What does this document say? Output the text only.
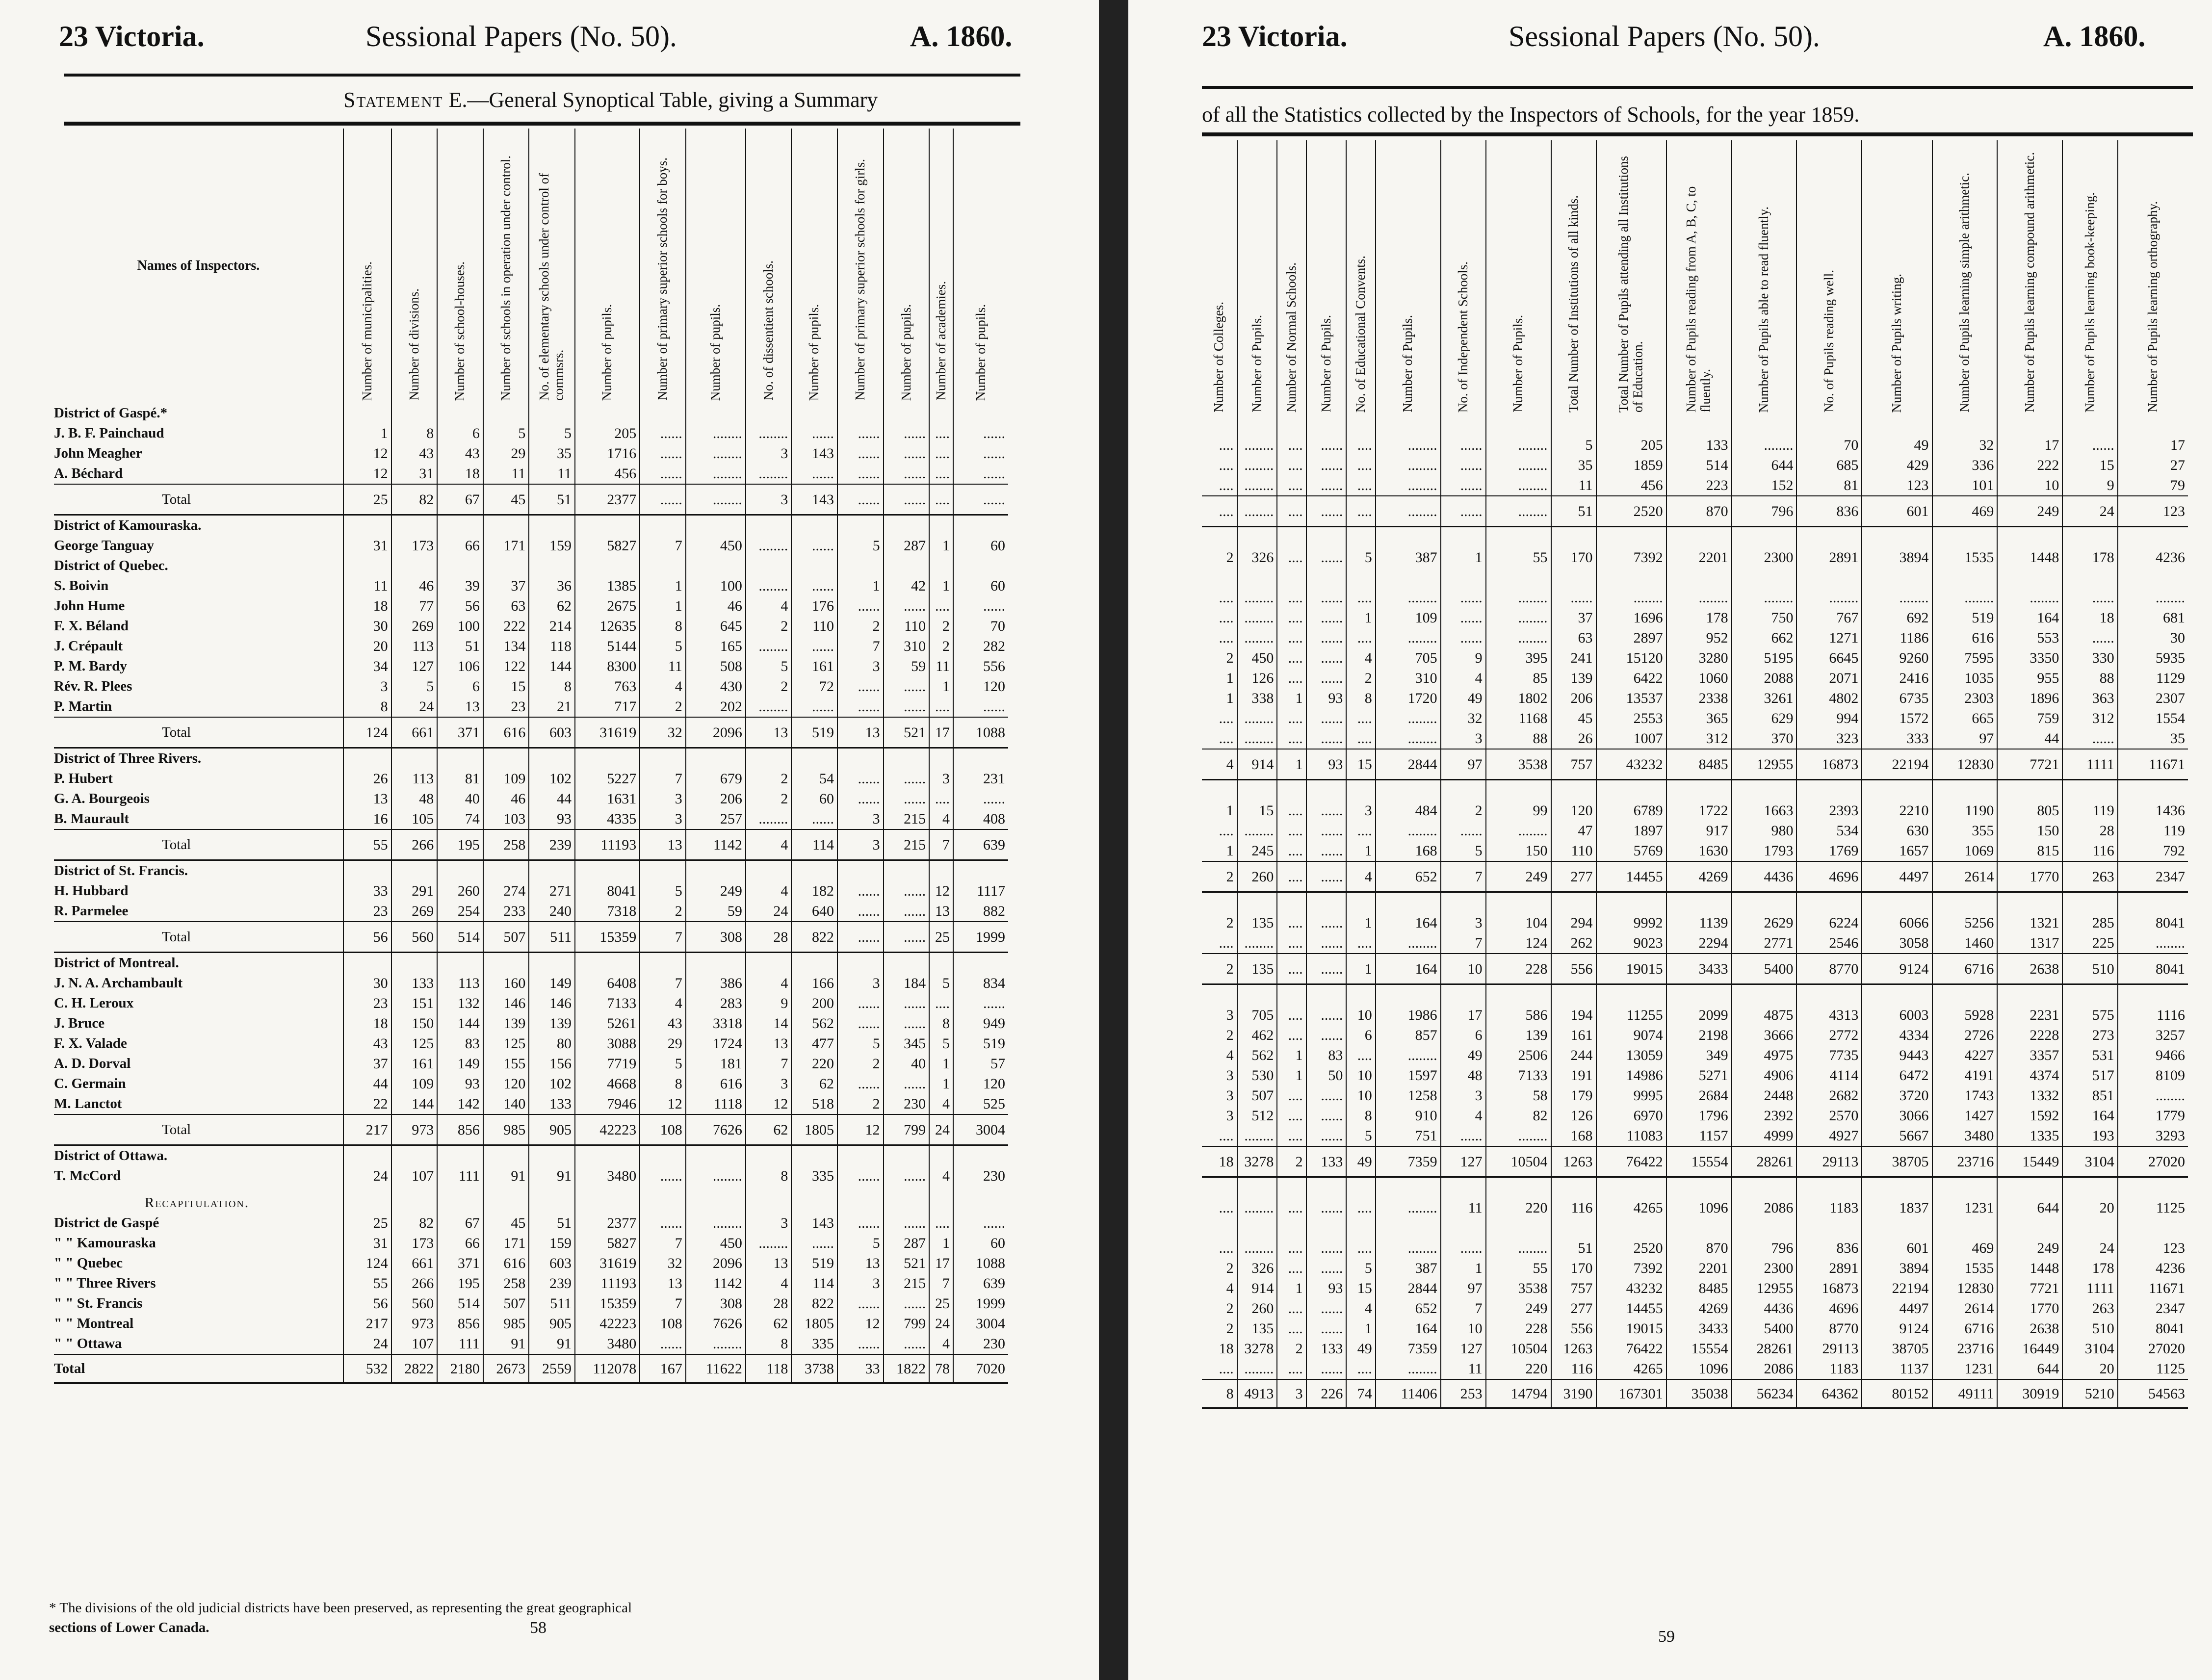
23 Victoria.	Sessional Papers (No. 50).	A. 1860.
Statement E.—General Synoptical Table, giving a Summary
Names of Inspectors.	Number of municipalities.	Number of divisions.	Number of school-houses.	Number of schools in operation under control.	No. of elementary schools under control of commsrs.	Number of pupils.	Number of primary superior schools for boys.	Number of pupils.	No. of dissentient schools.	Number of pupils.	Number of primary superior schools for girls.	Number of pupils.	Number of academies.	Number of pupils.
District of Gaspé.*														
J. B. F. Painchaud	1	8	6	5	5	205	......	........	........	......	......	......	....	......
John Meagher	12	43	43	29	35	1716	......	........	3	143	......	......	....	......
A. Béchard	12	31	18	11	11	456	......	........	........	......	......	......	....	......
Total	25	82	67	45	51	2377	......	........	3	143	......	......	....	......
District of Kamouraska.														
George Tanguay	31	173	66	171	159	5827	7	450	........	......	5	287	1	60
District of Quebec.														
S. Boivin	11	46	39	37	36	1385	1	100	........	......	1	42	1	60
John Hume	18	77	56	63	62	2675	1	46	4	176	......	......	....	......
F. X. Béland	30	269	100	222	214	12635	8	645	2	110	2	110	2	70
J. Crépault	20	113	51	134	118	5144	5	165	........	......	7	310	2	282
P. M. Bardy	34	127	106	122	144	8300	11	508	5	161	3	59	11	556
Rév. R. Plees	3	5	6	15	8	763	4	430	2	72	......	......	1	120
P. Martin	8	24	13	23	21	717	2	202	........	......	......	......	....	......
Total	124	661	371	616	603	31619	32	2096	13	519	13	521	17	1088
District of Three Rivers.														
P. Hubert	26	113	81	109	102	5227	7	679	2	54	......	......	3	231
G. A. Bourgeois	13	48	40	46	44	1631	3	206	2	60	......	......	....	......
B. Maurault	16	105	74	103	93	4335	3	257	........	......	3	215	4	408
Total	55	266	195	258	239	11193	13	1142	4	114	3	215	7	639
District of St. Francis.														
H. Hubbard	33	291	260	274	271	8041	5	249	4	182	......	......	12	1117
R. Parmelee	23	269	254	233	240	7318	2	59	24	640	......	......	13	882
Total	56	560	514	507	511	15359	7	308	28	822	......	......	25	1999
District of Montreal.														
J. N. A. Archambault	30	133	113	160	149	6408	7	386	4	166	3	184	5	834
C. H. Leroux	23	151	132	146	146	7133	4	283	9	200	......	......	....	......
J. Bruce	18	150	144	139	139	5261	43	3318	14	562	......	......	8	949
F. X. Valade	43	125	83	125	80	3088	29	1724	13	477	5	345	5	519
A. D. Dorval	37	161	149	155	156	7719	5	181	7	220	2	40	1	57
C. Germain	44	109	93	120	102	4668	8	616	3	62	......	......	1	120
M. Lanctot	22	144	142	140	133	7946	12	1118	12	518	2	230	4	525
Total	217	973	856	985	905	42223	108	7626	62	1805	12	799	24	3004
District of Ottawa.														
T. McCord	24	107	111	91	91	3480	......	........	8	335	......	......	4	230
Recapitulation.														
District de Gaspé	25	82	67	45	51	2377	......	........	3	143	......	......	....	......
" " Kamouraska	31	173	66	171	159	5827	7	450	........	......	5	287	1	60
" " Quebec	124	661	371	616	603	31619	32	2096	13	519	13	521	17	1088
" " Three Rivers	55	266	195	258	239	11193	13	1142	4	114	3	215	7	639
" " St. Francis	56	560	514	507	511	15359	7	308	28	822	......	......	25	1999
" " Montreal	217	973	856	985	905	42223	108	7626	62	1805	12	799	24	3004
" " Ottawa	24	107	111	91	91	3480	......	........	8	335	......	......	4	230
Total	532	2822	2180	2673	2559	112078	167	11622	118	3738	33	1822	78	7020
* The divisions of the old judicial districts have been preserved, as representing the great geographical
sections of Lower Canada.	58
23 Victoria.	Sessional Papers (No. 50).	A. 1860.
of all the Statistics collected by the Inspectors of Schools, for the year 1859.
Number of Colleges.	Number of Pupils.	Number of Normal Schools.	Number of Pupils.	No. of Educational Convents.	Number of Pupils.	No. of Independent Schools.	Number of Pupils.	Total Number of Institutions of all kinds.	Total Number of Pupils attending all Institutions of Education.	Number of Pupils reading from A, B, C, to fluently.	Number of Pupils able to read fluently.	No. of Pupils reading well.	Number of Pupils writing.	Number of Pupils learning simple arithmetic.	Number of Pupils learning compound arithmetic.	Number of Pupils learning book-keeping.	Number of Pupils learning orthography.

....	........	....	......	....	........	......	........	5	205	133	........	70	49	32	17	......	17
....	........	....	......	....	........	......	........	35	1859	514	644	685	429	336	222	15	27
....	........	....	......	....	........	......	........	11	456	223	152	81	123	101	10	9	79
....	........	....	......	....	........	......	........	51	2520	870	796	836	601	469	249	24	123

2	326	....	......	5	387	1	55	170	7392	2201	2300	2891	3894	1535	1448	178	4236

....	........	....	......	....	........	......	........	......	........	........	........	........	........	........	........	......	........
....	........	....	......	1	109	......	........	37	1696	178	750	767	692	519	164	18	681
....	........	....	......	....	........	......	........	63	2897	952	662	1271	1186	616	553	......	30
2	450	....	......	4	705	9	395	241	15120	3280	5195	6645	9260	7595	3350	330	5935
1	126	....	......	2	310	4	85	139	6422	1060	2088	2071	2416	1035	955	88	1129
1	338	1	93	8	1720	49	1802	206	13537	2338	3261	4802	6735	2303	1896	363	2307
....	........	....	......	....	........	32	1168	45	2553	365	629	994	1572	665	759	312	1554
....	........	....	......	....	........	3	88	26	1007	312	370	323	333	97	44	......	35
4	914	1	93	15	2844	97	3538	757	43232	8485	12955	16873	22194	12830	7721	1111	11671

1	15	....	......	3	484	2	99	120	6789	1722	1663	2393	2210	1190	805	119	1436
....	........	....	......	....	........	......	........	47	1897	917	980	534	630	355	150	28	119
1	245	....	......	1	168	5	150	110	5769	1630	1793	1769	1657	1069	815	116	792
2	260	....	......	4	652	7	249	277	14455	4269	4436	4696	4497	2614	1770	263	2347

2	135	....	......	1	164	3	104	294	9992	1139	2629	6224	6066	5256	1321	285	8041
....	........	....	......	....	........	7	124	262	9023	2294	2771	2546	3058	1460	1317	225	........
2	135	....	......	1	164	10	228	556	19015	3433	5400	8770	9124	6716	2638	510	8041

3	705	....	......	10	1986	17	586	194	11255	2099	4875	4313	6003	5928	2231	575	1116
2	462	....	......	6	857	6	139	161	9074	2198	3666	2772	4334	2726	2228	273	3257
4	562	1	83	....	........	49	2506	244	13059	349	4975	7735	9443	4227	3357	531	9466
3	530	1	50	10	1597	48	7133	191	14986	5271	4906	4114	6472	4191	4374	517	8109
3	507	....	......	10	1258	3	58	179	9995	2684	2448	2682	3720	1743	1332	851	........
3	512	....	......	8	910	4	82	126	6970	1796	2392	2570	3066	1427	1592	164	1779
....	........	....	......	5	751	......	........	168	11083	1157	4999	4927	5667	3480	1335	193	3293
18	3278	2	133	49	7359	127	10504	1263	76422	15554	28261	29113	38705	23716	15449	3104	27020

....	........	....	......	....	........	11	220	116	4265	1096	2086	1183	1837	1231	644	20	1125

....	........	....	......	....	........	......	........	51	2520	870	796	836	601	469	249	24	123
2	326	....	......	5	387	1	55	170	7392	2201	2300	2891	3894	1535	1448	178	4236
4	914	1	93	15	2844	97	3538	757	43232	8485	12955	16873	22194	12830	7721	1111	11671
2	260	....	......	4	652	7	249	277	14455	4269	4436	4696	4497	2614	1770	263	2347
2	135	....	......	1	164	10	228	556	19015	3433	5400	8770	9124	6716	2638	510	8041
18	3278	2	133	49	7359	127	10504	1263	76422	15554	28261	29113	38705	23716	16449	3104	27020
....	........	....	......	....	........	11	220	116	4265	1096	2086	1183	1137	1231	644	20	1125
8	4913	3	226	74	11406	253	14794	3190	167301	35038	56234	64362	80152	49111	30919	5210	54563
59
